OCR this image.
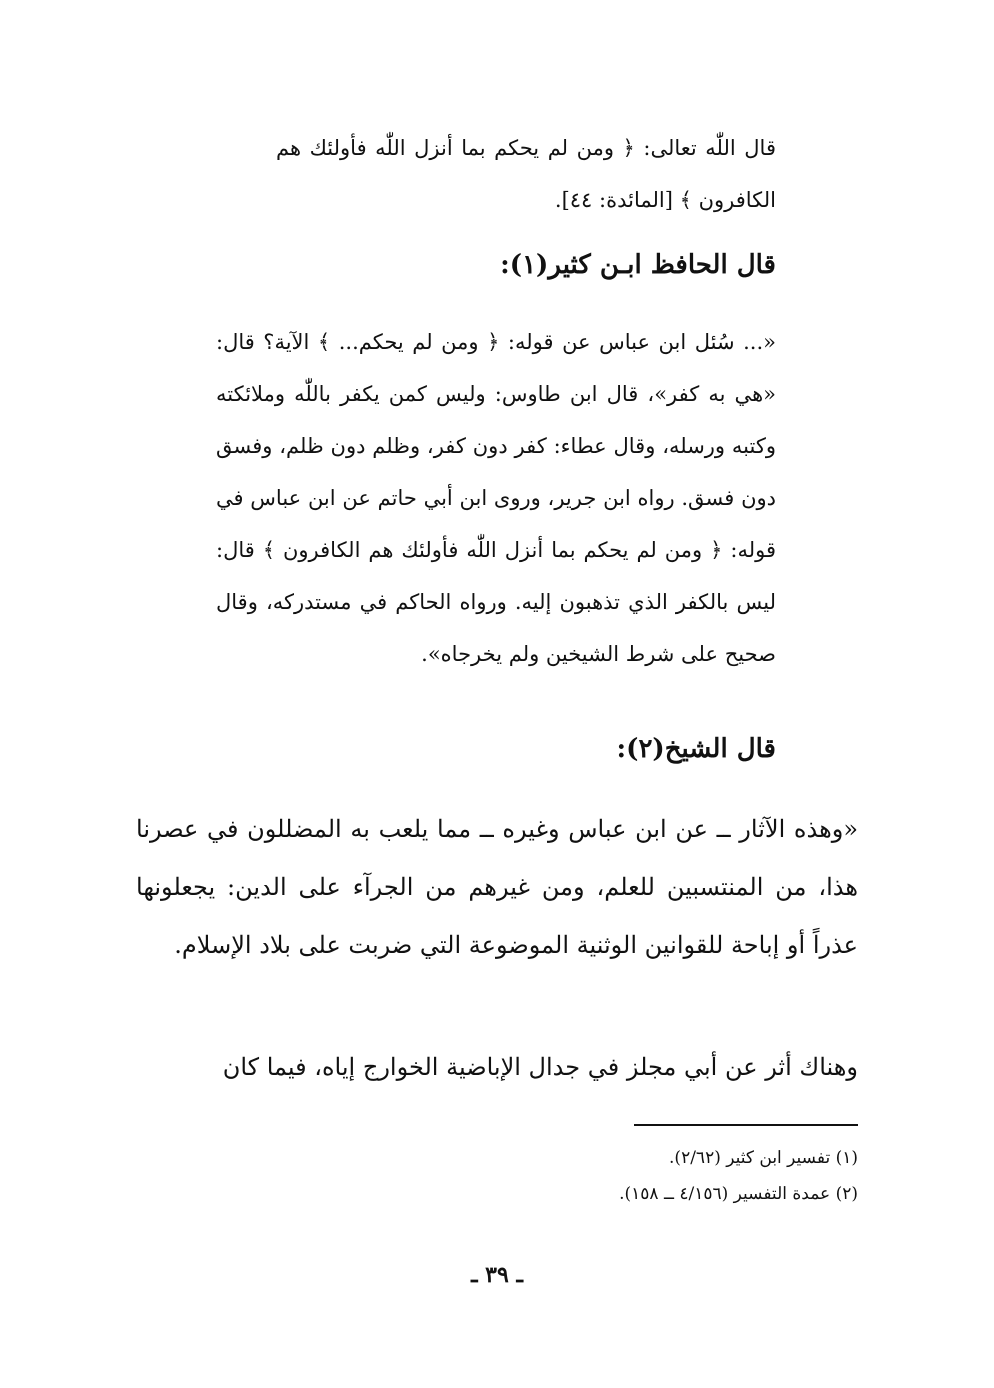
قال اللّٰه تعالى: ﴿ ومن لم يحكم بما أنزل اللّٰه فأولئك هم الكافرون ﴾ [المائدة: ٤٤].

قال الحافظ ابـن كثير(١):

«... سُئل ابن عباس عن قوله: ﴿ ومن لم يحكم... ﴾ الآية؟ قال: «هي به كفر»، قال ابن طاوس: وليس كمن يكفر باللّٰه وملائكته وكتبه ورسله، وقال عطاء: كفر دون كفر، وظلم دون ظلم، وفسق دون فسق. رواه ابن جرير، وروى ابن أبي حاتم عن ابن عباس في قوله: ﴿ ومن لم يحكم بما أنزل اللّٰه فأولئك هم الكافرون ﴾ قال: ليس بالكفر الذي تذهبون إليه. ورواه الحاكم في مستدركه، وقال صحيح على شرط الشيخين ولم يخرجاه».

قال الشيخ(٢):

«وهذه الآثار ــ عن ابن عباس وغيره ــ مما يلعب به المضللون في عصرنا هذا، من المنتسبين للعلم، ومن غيرهم من الجرآء على الدين: يجعلونها عذراً أو إباحة للقوانين الوثنية الموضوعة التي ضربت على بلاد الإسلام.

وهناك أثر عن أبي مجلز في جدال الإباضية الخوارج إياه، فيما كان

(١) تفسير ابن كثير (٢/٦٢).
(٢) عمدة التفسير (٤/١٥٦ ــ ١٥٨).
ـ ٣٩ ـ
